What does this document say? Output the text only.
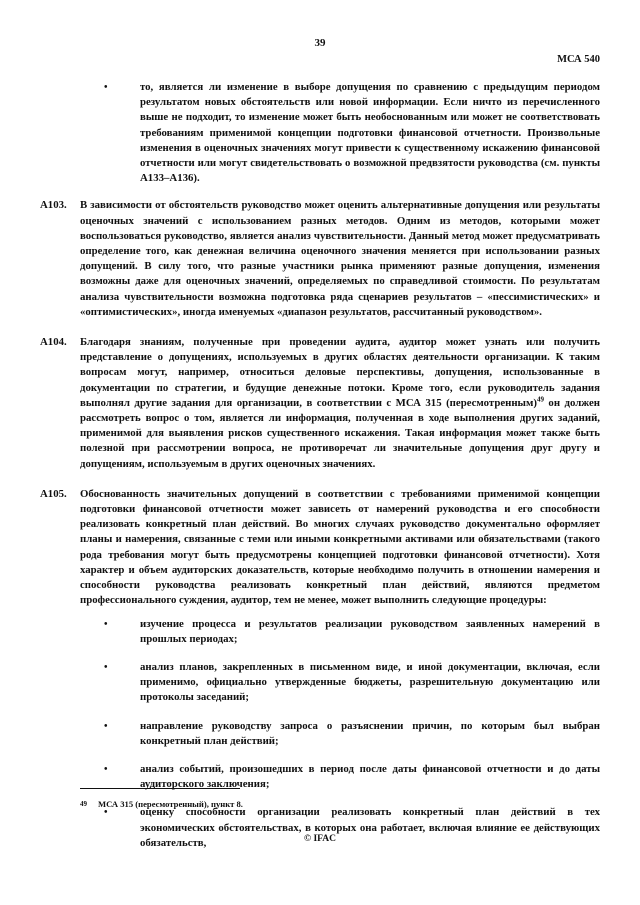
39
МСА 540
•	то, является ли изменение в выборе допущения по сравнению с предыдущим периодом результатом новых обстоятельств или новой информации. Если ничто из перечисленного выше не подходит, то изменение может быть необоснованным или может не соответствовать требованиям применимой концепции подготовки финансовой отчетности. Произвольные изменения в оценочных значениях могут привести к существенному искажению финансовой отчетности или могут свидетельствовать о возможной предвзятости руководства (см. пункты A133–A136).
A103. В зависимости от обстоятельств руководство может оценить альтернативные допущения или результаты оценочных значений с использованием разных методов. Одним из методов, которыми может воспользоваться руководство, является анализ чувствительности. Данный метод может предусматривать определение того, как денежная величина оценочного значения меняется при использовании разных допущений. В силу того, что разные участники рынка применяют разные допущения, изменения возможны даже для оценочных значений, определяемых по справедливой стоимости. По результатам анализа чувствительности возможна подготовка ряда сценариев результатов – «пессимистических» и «оптимистических», иногда именуемых «диапазон результатов, рассчитанный руководством».
A104. Благодаря знаниям, полученные при проведении аудита, аудитор может узнать или получить представление о допущениях, используемых в других областях деятельности организации. К таким вопросам могут, например, относиться деловые перспективы, допущения, использованные в документации по стратегии, и будущие денежные потоки. Кроме того, если руководитель задания выполнял другие задания для организации, в соответствии с МСА 315 (пересмотренным)$^{49}$ он должен рассмотреть вопрос о том, является ли информация, полученная в ходе выполнения других заданий, применимой для выявления рисков существенного искажения. Такая информация может также быть полезной при рассмотрении вопроса, не противоречат ли значительные допущения друг другу и допущениям, используемым в других оценочных значениях.
A105. Обоснованность значительных допущений в соответствии с требованиями применимой концепции подготовки финансовой отчетности может зависеть от намерений руководства и его способности реализовать конкретный план действий. Во многих случаях руководство документально оформляет планы и намерения, связанные с теми или иными конкретными активами или обязательствами (такого рода требования могут быть предусмотрены концепцией подготовки финансовой отчетности). Хотя характер и объем аудиторских доказательств, которые необходимо получить в отношении намерения и способности руководства реализовать конкретный план действий, являются предметом профессионального суждения, аудитор, тем не менее, может выполнить следующие процедуры:
•	изучение процесса и результатов реализации руководством заявленных намерений в прошлых периодах;
•	анализ планов, закрепленных в письменном виде, и иной документации, включая, если применимо, официально утвержденные бюджеты, разрешительную документацию или протоколы заседаний;
•	направление руководству запроса о разъяснении причин, по которым был выбран конкретный план действий;
•	анализ событий, произошедших в период после даты финансовой отчетности и до даты аудиторского заключения;
•	оценку способности организации реализовать конкретный план действий в тех экономических обстоятельствах, в которых она работает, включая влияние ее действующих обязательств,
49 МСА 315 (пересмотренный), пункт 8.
© IFAC
